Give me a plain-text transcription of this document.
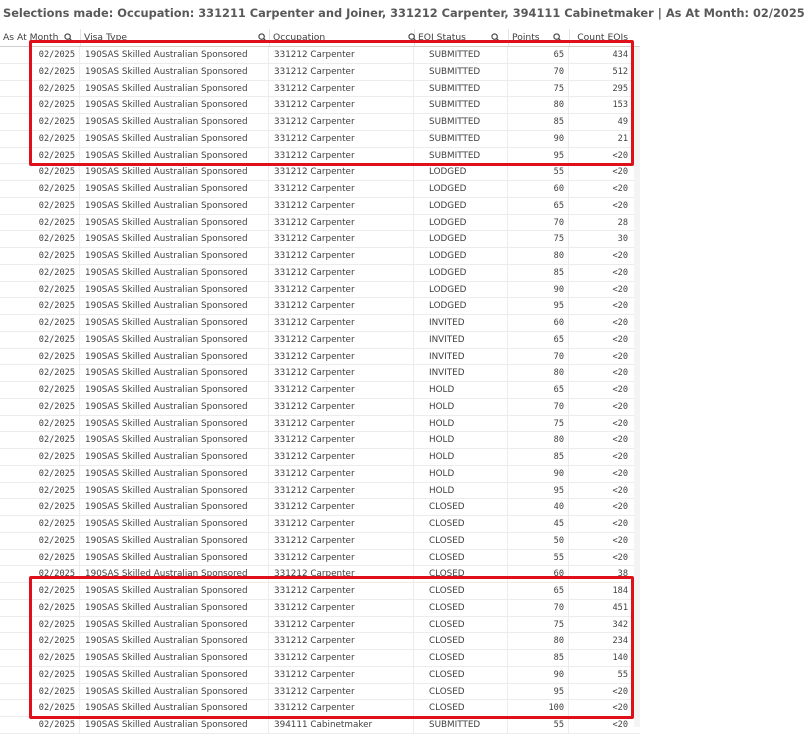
Selections made: Occupation: 331211 Carpenter and Joiner, 331212 Carpenter, 394111 Cabinetmaker | As At Month: 02/2025
As At Month	Visa Type	Occupation	EOI Status	Points	Count EOIs
02/2025	190SAS Skilled Australian Sponsored	331212 Carpenter	SUBMITTED	65	434
02/2025	190SAS Skilled Australian Sponsored	331212 Carpenter	SUBMITTED	70	512
02/2025	190SAS Skilled Australian Sponsored	331212 Carpenter	SUBMITTED	75	295
02/2025	190SAS Skilled Australian Sponsored	331212 Carpenter	SUBMITTED	80	153
02/2025	190SAS Skilled Australian Sponsored	331212 Carpenter	SUBMITTED	85	49
02/2025	190SAS Skilled Australian Sponsored	331212 Carpenter	SUBMITTED	90	21
02/2025	190SAS Skilled Australian Sponsored	331212 Carpenter	SUBMITTED	95	<20
02/2025	190SAS Skilled Australian Sponsored	331212 Carpenter	LODGED	55	<20
02/2025	190SAS Skilled Australian Sponsored	331212 Carpenter	LODGED	60	<20
02/2025	190SAS Skilled Australian Sponsored	331212 Carpenter	LODGED	65	<20
02/2025	190SAS Skilled Australian Sponsored	331212 Carpenter	LODGED	70	28
02/2025	190SAS Skilled Australian Sponsored	331212 Carpenter	LODGED	75	30
02/2025	190SAS Skilled Australian Sponsored	331212 Carpenter	LODGED	80	<20
02/2025	190SAS Skilled Australian Sponsored	331212 Carpenter	LODGED	85	<20
02/2025	190SAS Skilled Australian Sponsored	331212 Carpenter	LODGED	90	<20
02/2025	190SAS Skilled Australian Sponsored	331212 Carpenter	LODGED	95	<20
02/2025	190SAS Skilled Australian Sponsored	331212 Carpenter	INVITED	60	<20
02/2025	190SAS Skilled Australian Sponsored	331212 Carpenter	INVITED	65	<20
02/2025	190SAS Skilled Australian Sponsored	331212 Carpenter	INVITED	70	<20
02/2025	190SAS Skilled Australian Sponsored	331212 Carpenter	INVITED	80	<20
02/2025	190SAS Skilled Australian Sponsored	331212 Carpenter	HOLD	65	<20
02/2025	190SAS Skilled Australian Sponsored	331212 Carpenter	HOLD	70	<20
02/2025	190SAS Skilled Australian Sponsored	331212 Carpenter	HOLD	75	<20
02/2025	190SAS Skilled Australian Sponsored	331212 Carpenter	HOLD	80	<20
02/2025	190SAS Skilled Australian Sponsored	331212 Carpenter	HOLD	85	<20
02/2025	190SAS Skilled Australian Sponsored	331212 Carpenter	HOLD	90	<20
02/2025	190SAS Skilled Australian Sponsored	331212 Carpenter	HOLD	95	<20
02/2025	190SAS Skilled Australian Sponsored	331212 Carpenter	CLOSED	40	<20
02/2025	190SAS Skilled Australian Sponsored	331212 Carpenter	CLOSED	45	<20
02/2025	190SAS Skilled Australian Sponsored	331212 Carpenter	CLOSED	50	<20
02/2025	190SAS Skilled Australian Sponsored	331212 Carpenter	CLOSED	55	<20
02/2025	190SAS Skilled Australian Sponsored	331212 Carpenter	CLOSED	60	38
02/2025	190SAS Skilled Australian Sponsored	331212 Carpenter	CLOSED	65	184
02/2025	190SAS Skilled Australian Sponsored	331212 Carpenter	CLOSED	70	451
02/2025	190SAS Skilled Australian Sponsored	331212 Carpenter	CLOSED	75	342
02/2025	190SAS Skilled Australian Sponsored	331212 Carpenter	CLOSED	80	234
02/2025	190SAS Skilled Australian Sponsored	331212 Carpenter	CLOSED	85	140
02/2025	190SAS Skilled Australian Sponsored	331212 Carpenter	CLOSED	90	55
02/2025	190SAS Skilled Australian Sponsored	331212 Carpenter	CLOSED	95	<20
02/2025	190SAS Skilled Australian Sponsored	331212 Carpenter	CLOSED	100	<20
02/2025	190SAS Skilled Australian Sponsored	394111 Cabinetmaker	SUBMITTED	55	<20
